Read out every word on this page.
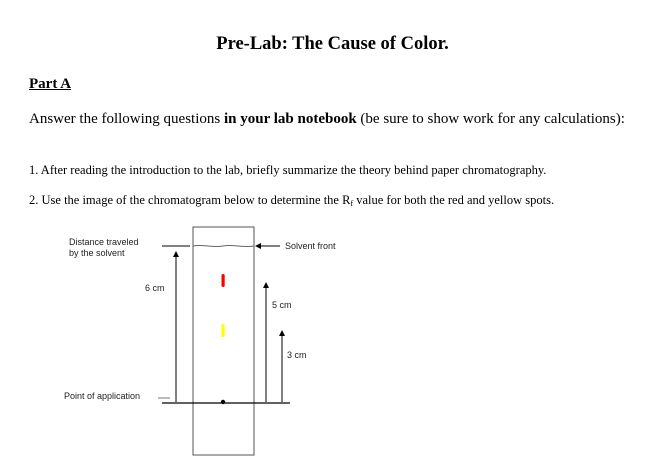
Pre-Lab: The Cause of Color.
Part A
Answer the following questions in your lab notebook (be sure to show work for any calculations):
1. After reading the introduction to the lab, briefly summarize the theory behind paper chromatography.
2. Use the image of the chromatogram below to determine the $R_f$ value for both the red and yellow spots.
Distance traveled
by the solvent
6 cm
Solvent front
5 cm
3 cm
Point of application
